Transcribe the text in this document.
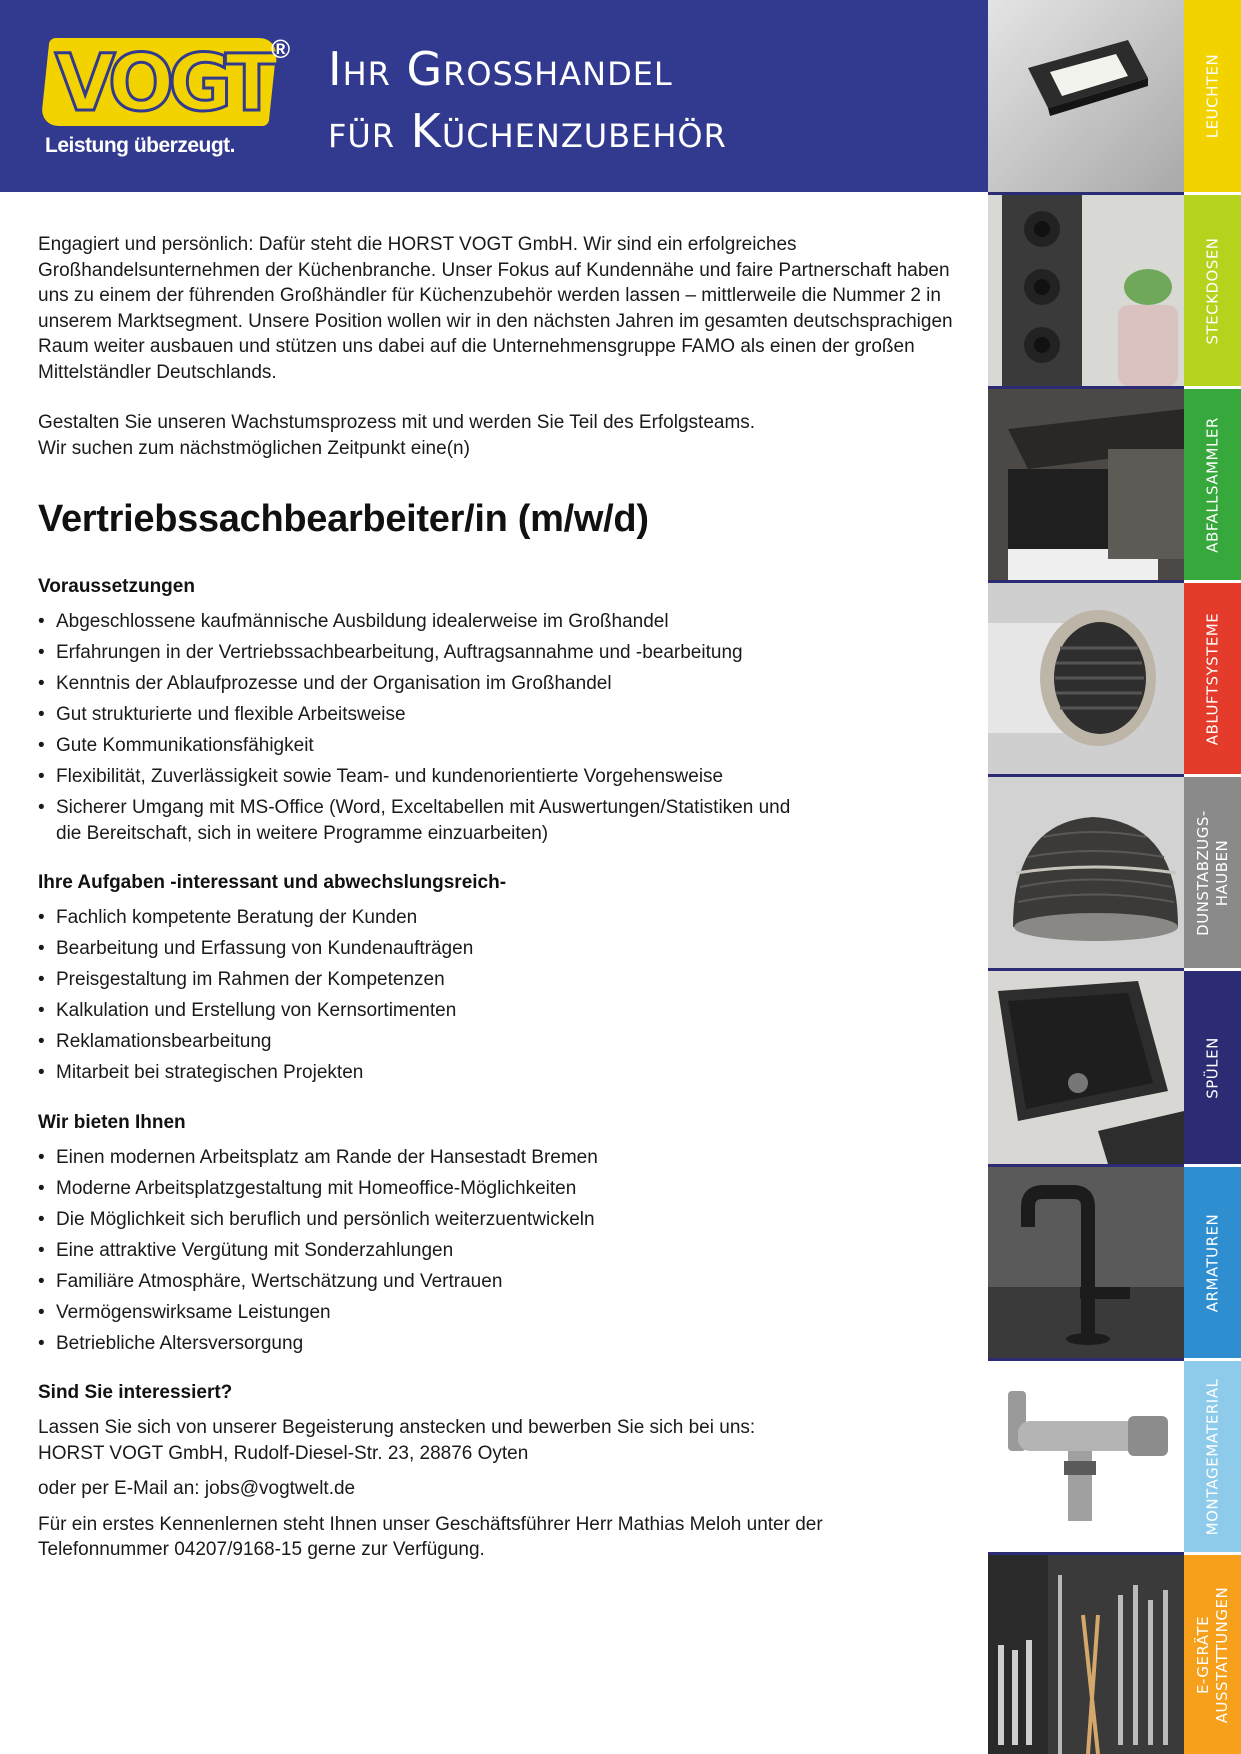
VOGT
®
Leistung überzeugt.
Ihr Großhandel
für Küchenzubehör	LEUCHTEN
STECKDOSEN
ABFALLSAMMLER
ABLUFTSYSTEME
DUNSTABZUGS-
HAUBEN
SPÜLEN
ARMATUREN
MONTAGEMATERIAL
E-GERÄTE
AUSSTATTUNGEN

Engagiert und persönlich: Dafür steht die HORST VOGT GmbH. Wir sind ein erfolgreiches Großhandelsunternehmen der Küchenbranche. Unser Fokus auf Kundennähe und faire Partnerschaft haben uns zu einem der führenden Großhändler für Küchenzubehör werden lassen – mittlerweile die Nummer 2 in unserem Marktsegment. Unsere Position wollen wir in den nächsten Jahren im gesamten deutschsprachigen Raum weiter ausbauen und stützen uns dabei auf die Unternehmensgruppe FAMO als einen der großen Mittelständler Deutschlands.

Gestalten Sie unseren Wachstumsprozess mit und werden Sie Teil des Erfolgsteams.

Wir suchen zum nächstmöglichen Zeitpunkt eine(n)

Vertriebssachbearbeiter/in (m/w/d)
Voraussetzungen
• Abgeschlossene kaufmännische Ausbildung idealerweise im Großhandel
• Erfahrungen in der Vertriebssachbearbeitung, Auftragsannahme und -bearbeitung
• Kenntnis der Ablaufprozesse und der Organisation im Großhandel
• Gut strukturierte und flexible Arbeitsweise
• Gute Kommunikationsfähigkeit
• Flexibilität, Zuverlässigkeit sowie Team- und kundenorientierte Vorgehensweise
• Sicherer Umgang mit MS-Office (Word, Exceltabellen mit Auswertungen/Statistiken und die Bereitschaft, sich in weitere Programme einzuarbeiten)
Ihre Aufgaben -interessant und abwechslungsreich-
• Fachlich kompetente Beratung der Kunden
• Bearbeitung und Erfassung von Kundenaufträgen
• Preisgestaltung im Rahmen der Kompetenzen
• Kalkulation und Erstellung von Kernsortimenten
• Reklamationsbearbeitung
• Mitarbeit bei strategischen Projekten
Wir bieten Ihnen
• Einen modernen Arbeitsplatz am Rande der Hansestadt Bremen
• Moderne Arbeitsplatzgestaltung mit Homeoffice-Möglichkeiten
• Die Möglichkeit sich beruflich und persönlich weiterzuentwickeln
• Eine attraktive Vergütung mit Sonderzahlungen
• Familiäre Atmosphäre, Wertschätzung und Vertrauen
• Vermögenswirksame Leistungen
• Betriebliche Altersversorgung
Sind Sie interessiert?

Lassen Sie sich von unserer Begeisterung anstecken und bewerben Sie sich bei uns:

HORST VOGT GmbH, Rudolf-Diesel-Str. 23, 28876 Oyten

oder per E-Mail an: jobs@vogtwelt.de

Für ein erstes Kennenlernen steht Ihnen unser Geschäftsführer Herr Mathias Meloh unter der Telefonnummer 04207/9168-15 gerne zur Verfügung.
